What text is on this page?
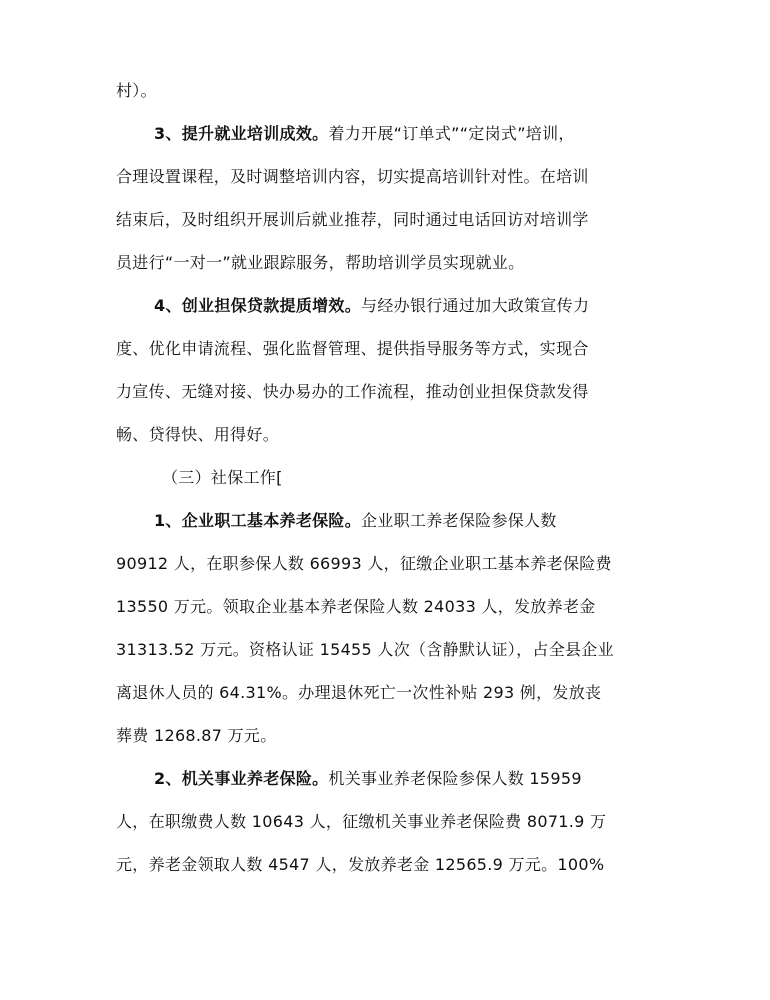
村）。
3、提升就业培训成效。着力开展“订单式”“定岗式”培训，
合理设置课程，及时调整培训内容，切实提高培训针对性。在培训
结束后，及时组织开展训后就业推荐，同时通过电话回访对培训学
员进行“一对一”就业跟踪服务，帮助培训学员实现就业。
4、创业担保贷款提质增效。与经办银行通过加大政策宣传力
度、优化申请流程、强化监督管理、提供指导服务等方式，实现合
力宣传、无缝对接、快办易办的工作流程，推动创业担保贷款发得
畅、贷得快、用得好。
（三）社保工作[
1、企业职工基本养老保险。企业职工养老保险参保人数
90912 人，在职参保人数 66993 人，征缴企业职工基本养老保险费
13550 万元。领取企业基本养老保险人数 24033 人，发放养老金
31313.52 万元。资格认证 15455 人次（含静默认证），占全县企业
离退休人员的 64.31%。办理退休死亡一次性补贴 293 例，发放丧
葬费 1268.87 万元。
2、机关事业养老保险。机关事业养老保险参保人数 15959
人，在职缴费人数 10643 人，征缴机关事业养老保险费 8071.9 万
元，养老金领取人数 4547 人，发放养老金 12565.9 万元。100%
